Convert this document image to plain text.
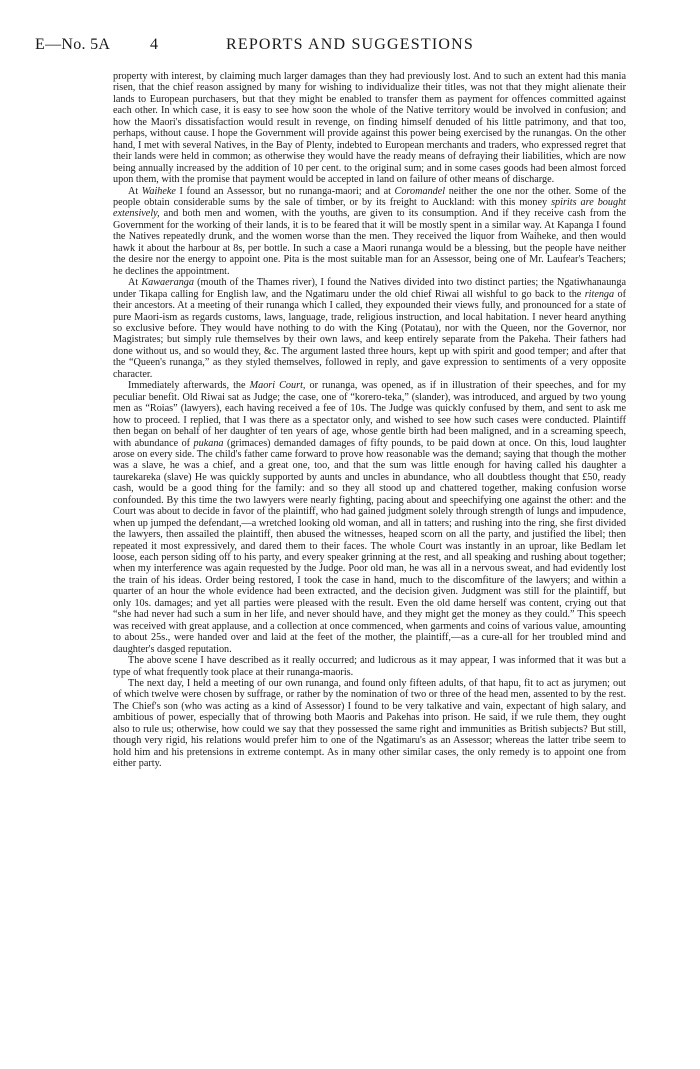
E—No. 5A 4	REPORTS AND SUGGESTIONS

property with interest, by claiming much larger damages than they had previously lost. And to such an extent had this mania risen, that the chief reason assigned by many for wishing to individualize their titles, was not that they might alienate their lands to European purchasers, but that they might be enabled to transfer them as payment for offences committed against each other. In which case, it is easy to see how soon the whole of the Native territory would be involved in confusion; and how the Maori's dissatisfaction would result in revenge, on finding himself denuded of his little patrimony, and that too, perhaps, without cause. I hope the Government will provide against this power being exercised by the runangas. On the other hand, I met with several Natives, in the Bay of Plenty, indebted to European merchants and traders, who expressed regret that their lands were held in common; as otherwise they would have the ready means of defraying their liabilities, which are now being annually increased by the addition of 10 per cent. to the original sum; and in some cases goods had been almost forced upon them, with the promise that payment would be accepted in land on failure of other means of discharge.

At Waiheke I found an Assessor, but no runanga-maori; and at Coromandel neither the one nor the other. Some of the people obtain considerable sums by the sale of timber, or by its freight to Auckland: with this money spirits are bought extensively, and both men and women, with the youths, are given to its consumption. And if they receive cash from the Government for the working of their lands, it is to be feared that it will be mostly spent in a similar way. At Kapanga I found the Natives repeatedly drunk, and the women worse than the men. They received the liquor from Waiheke, and then would hawk it about the harbour at 8s, per bottle. In such a case a Maori runanga would be a blessing, but the people have neither the desire nor the energy to appoint one. Pita is the most suitable man for an Assessor, being one of Mr. Laufear's Teachers; he declines the appointment.

At Kawaeranga (mouth of the Thames river), I found the Natives divided into two distinct parties; the Ngatiwhanaunga under Tikapa calling for English law, and the Ngatimaru under the old chief Riwai all wishful to go back to the ritenga of their ancestors. At a meeting of their runanga which I called, they expounded their views fully, and pronounced for a state of pure Maori-ism as regards customs, laws, language, trade, religious instruction, and local habitation. I never heard anything so exclusive before. They would have nothing to do with the King (Potatau), nor with the Queen, nor the Governor, nor Magistrates; but simply rule themselves by their own laws, and keep entirely separate from the Pakeha. Their fathers had done without us, and so would they, &c. The argument lasted three hours, kept up with spirit and good temper; and after that the “Queen's runanga,” as they styled themselves, followed in reply, and gave expression to sentiments of a very opposite character.

Immediately afterwards, the Maori Court, or runanga, was opened, as if in illustration of their speeches, and for my peculiar benefit. Old Riwai sat as Judge; the case, one of “korero-teka,” (slander), was introduced, and argued by two young men as “Roias” (lawyers), each having received a fee of 10s. The Judge was quickly confused by them, and sent to ask me how to proceed. I replied, that I was there as a spectator only, and wished to see how such cases were conducted. Plaintiff then began on behalf of her daughter of ten years of age, whose gentle birth had been maligned, and in a screaming speech, with abundance of pukana (grimaces) demanded damages of fifty pounds, to be paid down at once. On this, loud laughter arose on every side. The child's father came forward to prove how reasonable was the demand; saying that though the mother was a slave, he was a chief, and a great one, too, and that the sum was little enough for having called his daughter a taurekareka (slave) He was quickly supported by aunts and uncles in abundance, who all doubtless thought that £50, ready cash, would be a good thing for the family: and so they all stood up and chattered together, making confusion worse confounded. By this time the two lawyers were nearly fighting, pacing about and speechifying one against the other: and the Court was about to decide in favor of the plaintiff, who had gained judgment solely through strength of lungs and impudence, when up jumped the defendant,—a wretched looking old woman, and all in tatters; and rushing into the ring, she first divided the lawyers, then assailed the plaintiff, then abused the witnesses, heaped scorn on all the party, and justified the libel; then repeated it most expressively, and dared them to their faces. The whole Court was instantly in an uproar, like Bedlam let loose, each person siding off to his party, and every speaker grinning at the rest, and all speaking and rushing about together; when my interference was again requested by the Judge. Poor old man, he was all in a nervous sweat, and had evidently lost the train of his ideas. Order being restored, I took the case in hand, much to the discomfiture of the lawyers; and within a quarter of an hour the whole evidence had been extracted, and the decision given. Judgment was still for the plaintiff, but only 10s. damages; and yet all parties were pleased with the result. Even the old dame herself was content, crying out that “she had never had such a sum in her life, and never should have, and they might get the money as they could.” This speech was received with great applause, and a collection at once commenced, when garments and coins of various value, amounting to about 25s., were handed over and laid at the feet of the mother, the plaintiff,—as a cure-all for her troubled mind and daughter's dasged reputation.

The above scene I have described as it really occurred; and ludicrous as it may appear, I was informed that it was but a type of what frequently took place at their runanga-maoris.

The next day, I held a meeting of our own runanga, and found only fifteen adults, of that hapu, fit to act as jurymen; out of which twelve were chosen by suffrage, or rather by the nomination of two or three of the head men, assented to by the rest. The Chief's son (who was acting as a kind of Assessor) I found to be very talkative and vain, expectant of high salary, and ambitious of power, especially that of throwing both Maoris and Pakehas into prison. He said, if we rule them, they ought also to rule us; otherwise, how could we say that they possessed the same right and immunities as British subjects? But still, though very rigid, his relations would prefer him to one of the Ngatimaru's as an Assessor; whereas the latter tribe seem to hold him and his pretensions in extreme contempt. As in many other similar cases, the only remedy is to appoint one from either party.
